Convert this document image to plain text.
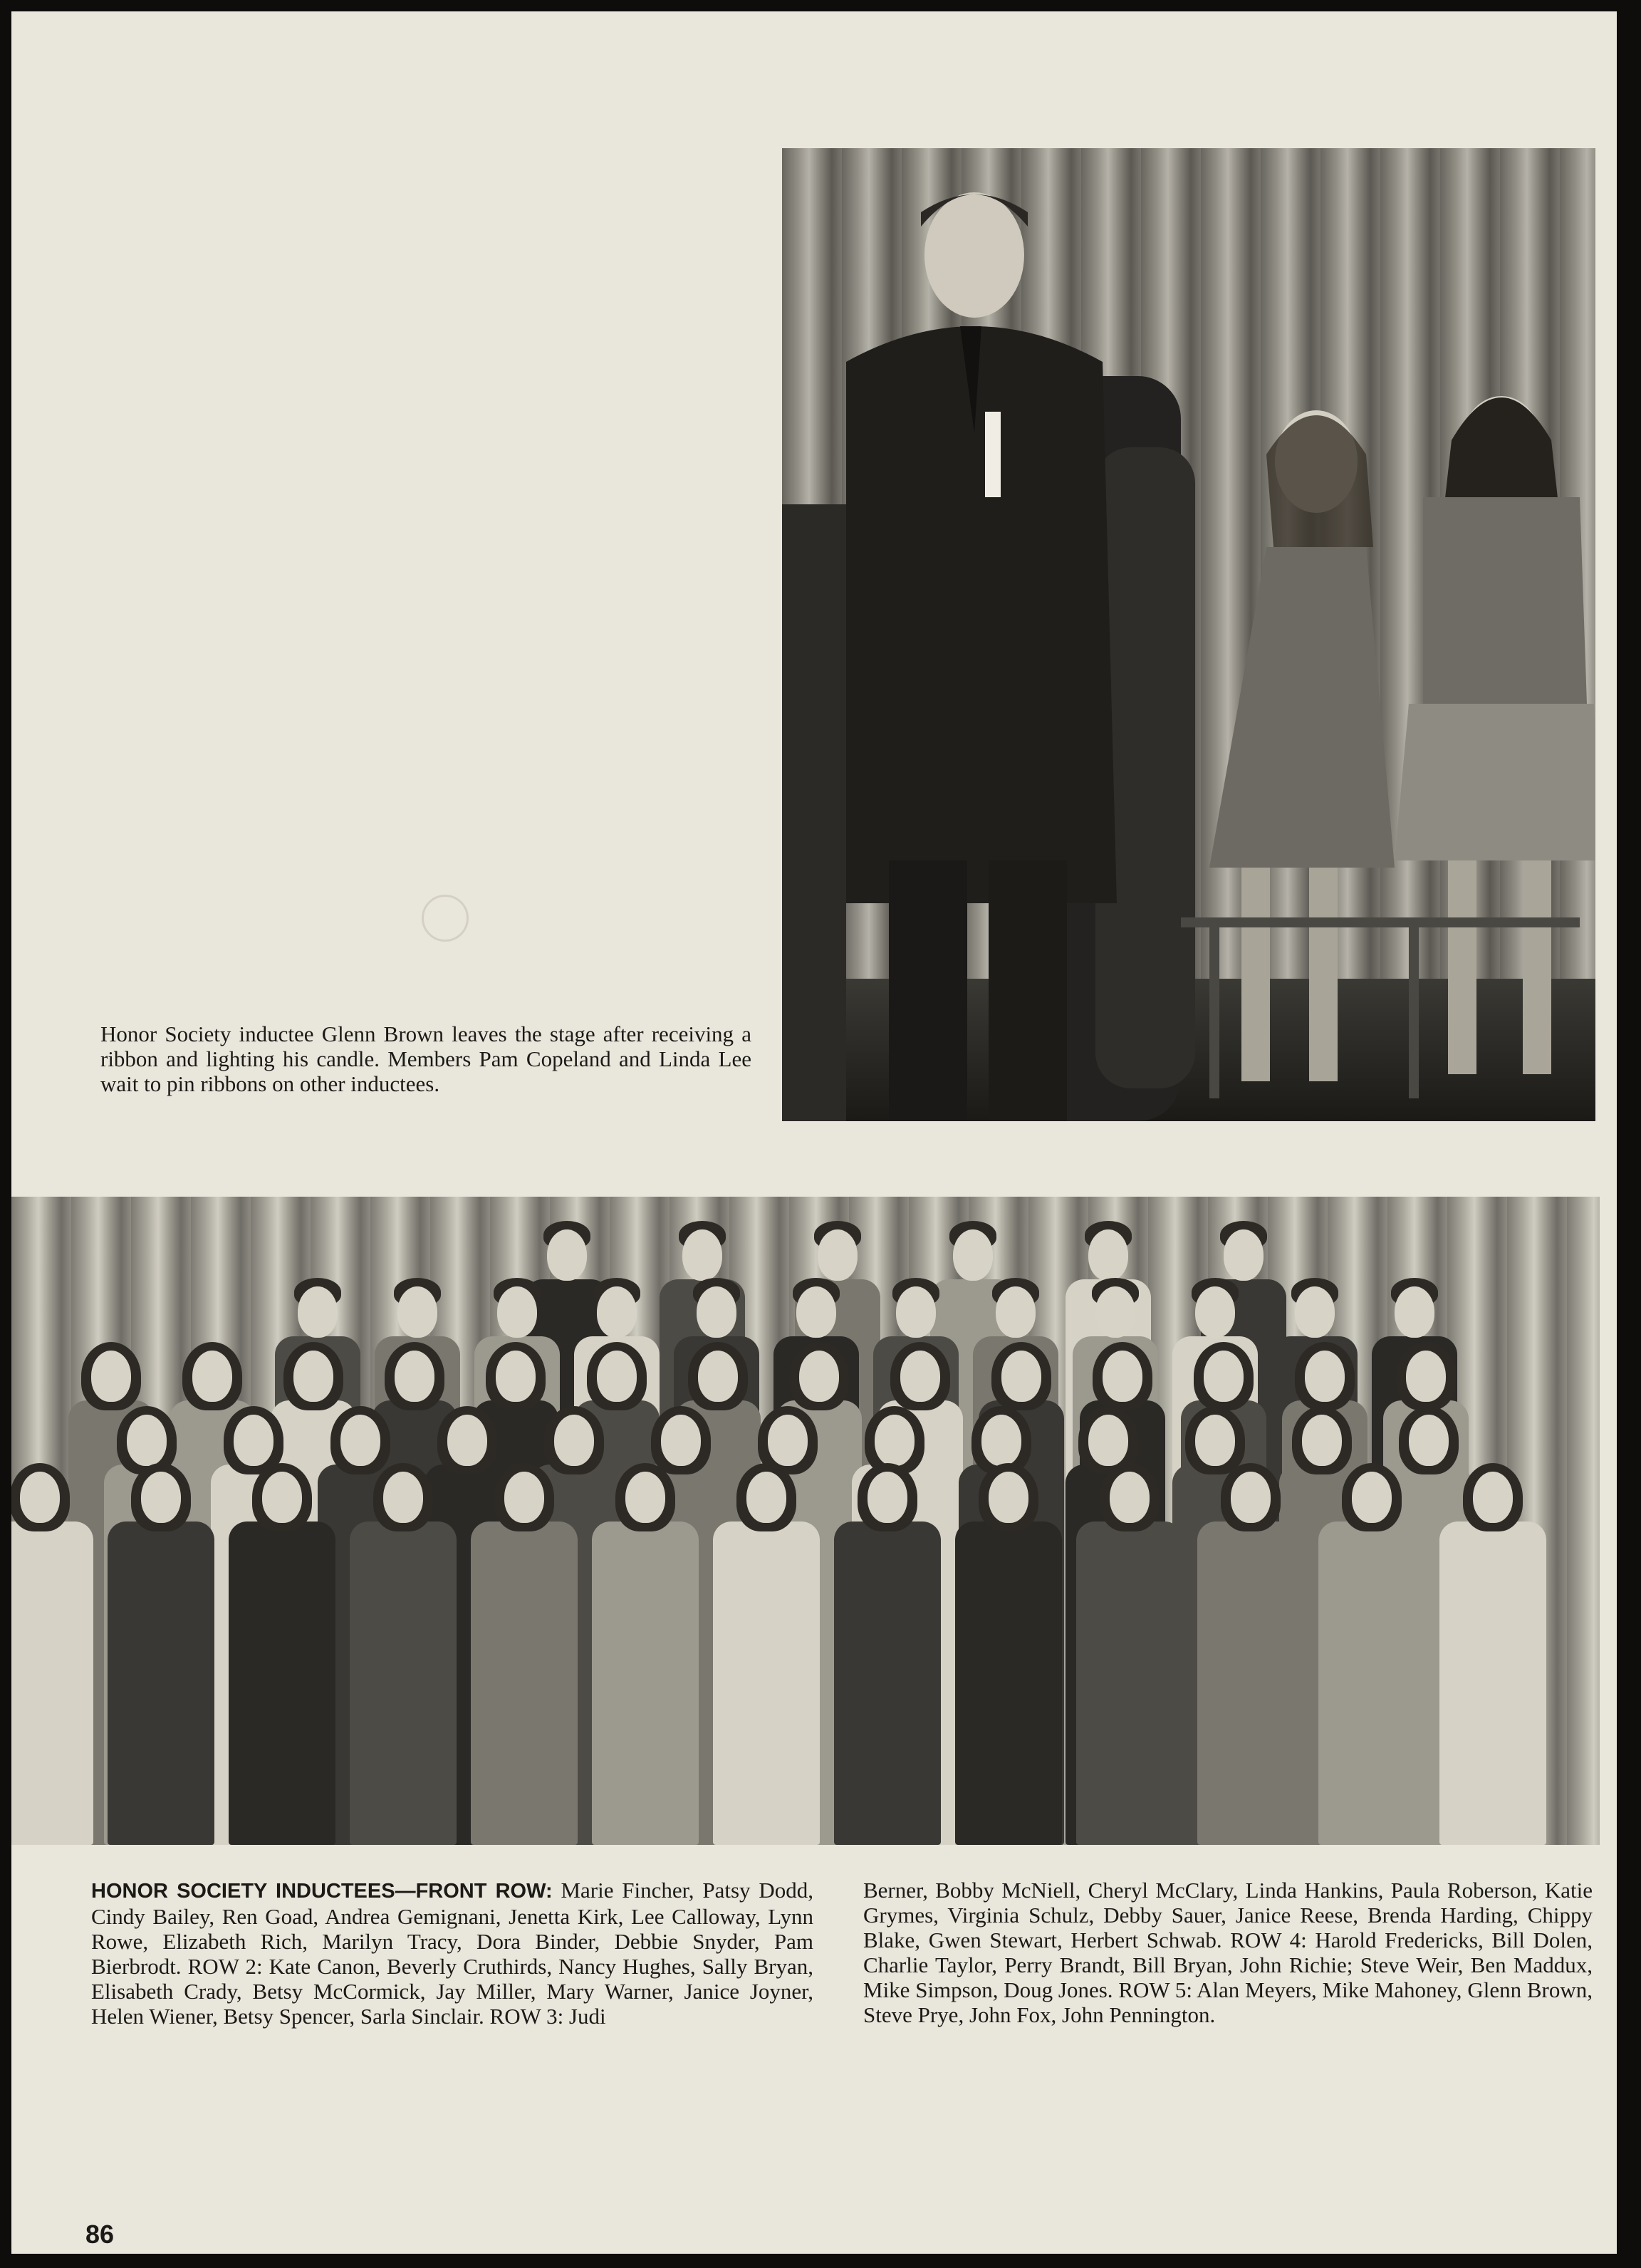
Honor Society inductee Glenn Brown leaves the stage after receiving a ribbon and lighting his candle. Members Pam Copeland and Linda Lee wait to pin ribbons on other inductees.

HONOR SOCIETY INDUCTEES—FRONT ROW: Marie Fincher, Patsy Dodd, Cindy Bailey, Ren Goad, Andrea Gemignani, Jenetta Kirk, Lee Calloway, Lynn Rowe, Elizabeth Rich, Marilyn Tracy, Dora Binder, Debbie Snyder, Pam Bierbrodt. ROW 2: Kate Canon, Beverly Cruthirds, Nancy Hughes, Sally Bryan, Elisabeth Crady, Betsy McCormick, Jay Miller, Mary Warner, Janice Joyner, Helen Wiener, Betsy Spencer, Sarla Sinclair. ROW 3: Judi

Berner, Bobby McNiell, Cheryl McClary, Linda Hankins, Paula Roberson, Katie Grymes, Virginia Schulz, Debby Sauer, Janice Reese, Brenda Harding, Chippy Blake, Gwen Stewart, Herbert Schwab. ROW 4: Harold Fredericks, Bill Dolen, Charlie Taylor, Perry Brandt, Bill Bryan, John Richie; Steve Weir, Ben Maddux, Mike Simpson, Doug Jones. ROW 5: Alan Meyers, Mike Mahoney, Glenn Brown, Steve Prye, John Fox, John Pennington.

86
